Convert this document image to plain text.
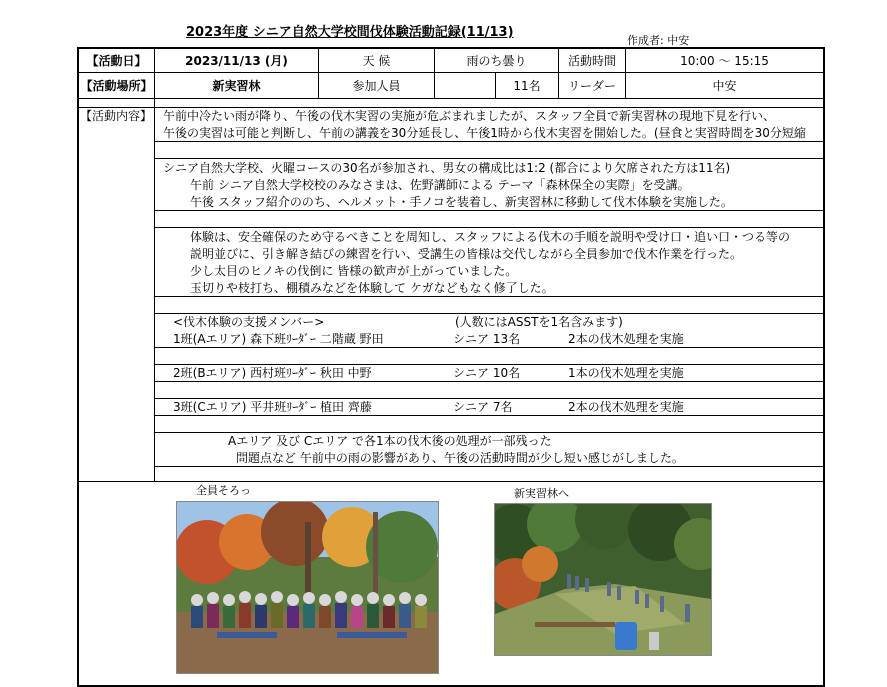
2023年度 シニア自然大学校間伐体験活動記録(11/13)
作成者: 中安
【活動日】	2023/11/13 (月)	天 候	雨のち曇り	活動時間	10:00 〜 15:15
【活動場所】	新実習林	参加人員	11名	リーダー	中安
【活動内容】 午前中冷たい雨が降り、午後の伐木実習の実施が危ぶまれましたが、スタッフ全員で新実習林の現地下見を行い、
午後の実習は可能と判断し、午前の講義を30分延長し、午後1時から伐木実習を開始した。(昼食と実習時間を30分短縮
シニア自然大学校、火曜コースの30名が参加され、男女の構成比は1:2 (都合により欠席された方は11名)
午前 シニア自然大学校校のみなさまは、佐野講師による テーマ「森林保全の実際」を受講。
午後 スタッフ紹介ののち、ヘルメット・手ノコを装着し、新実習林に移動して伐木体験を実施した。
体験は、安全確保のため守るべきことを周知し、スタッフによる伐木の手順を説明や受け口・追い口・つる等の
説明並びに、引き解き結びの練習を行い、受講生の皆様は交代しながら全員参加で伐木作業を行った。
少し太目のヒノキの伐倒に 皆様の歓声が上がっていました。
玉切りや枝打ち、棚積みなどを体験して ケガなどもなく修了した。
<伐木体験の支援メンバー>	(人数にはASSTを1名含みます)
1班(Aエリア) 森下班ﾘｰﾀﾞｰ 二階蔵 野田	シニア 13名	2本の伐木処理を実施
2班(Bエリア) 西村班ﾘｰﾀﾞｰ 秋田 中野	シニア 10名	1本の伐木処理を実施
3班(Cエリア) 平井班ﾘｰﾀﾞｰ 植田 齊藤	シニア 7名	2本の伐木処理を実施
Aエリア 及び Cエリア で各1本の伐木後の処理が一部残った
問題点など 午前中の雨の影響があり、午後の活動時間が少し短い感じがしました。
全員そろっ	新実習林へ
